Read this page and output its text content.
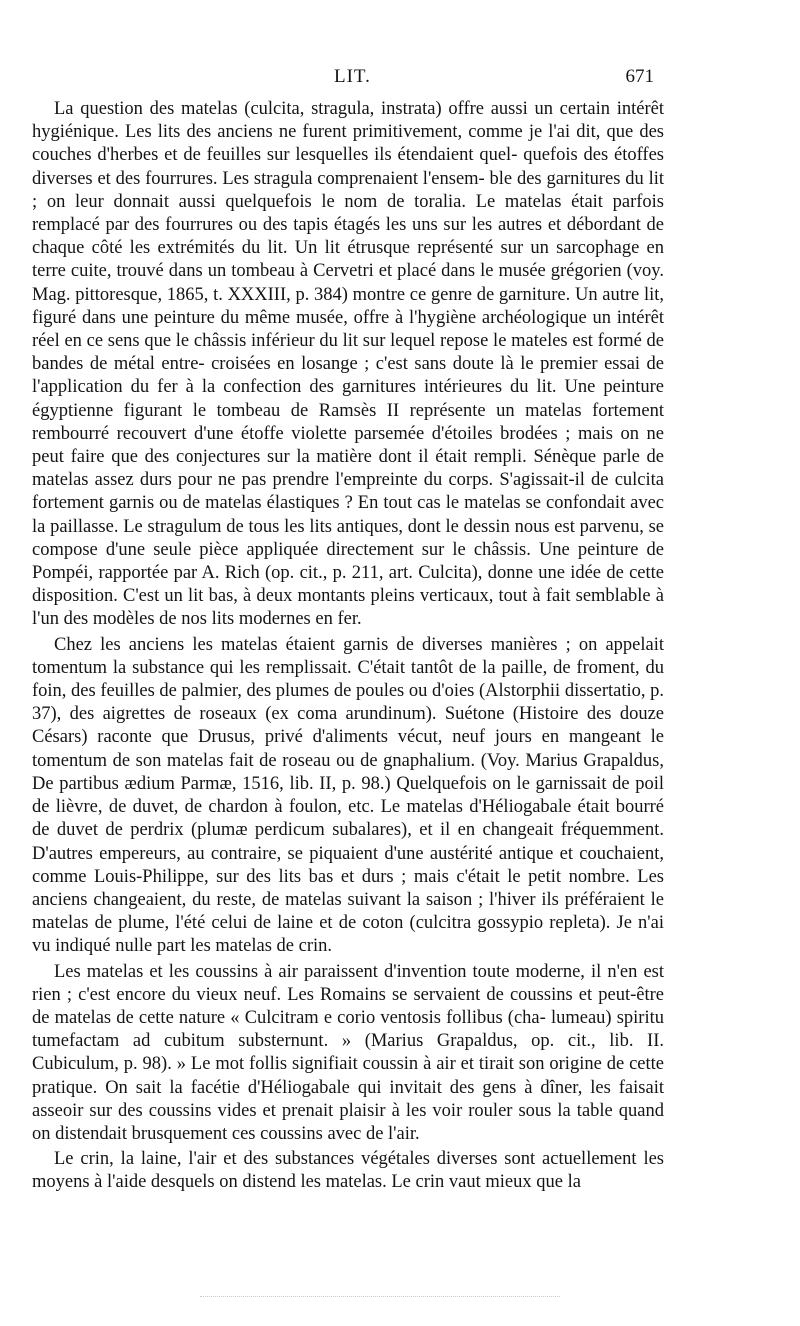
LIT.	671

La question des matelas (culcita, stragula, instrata) offre aussi un certain intérêt hygiénique. Les lits des anciens ne furent primitivement, comme je l'ai dit, que des couches d'herbes et de feuilles sur lesquelles ils étendaient quel- quefois des étoffes diverses et des fourrures. Les stragula comprenaient l'ensem- ble des garnitures du lit ; on leur donnait aussi quelquefois le nom de toralia. Le matelas était parfois remplacé par des fourrures ou des tapis étagés les uns sur les autres et débordant de chaque côté les extrémités du lit. Un lit étrusque représenté sur un sarcophage en terre cuite, trouvé dans un tombeau à Cervetri et placé dans le musée grégorien (voy. Mag. pittoresque, 1865, t. XXXIII, p. 384) montre ce genre de garniture. Un autre lit, figuré dans une peinture du même musée, offre à l'hygiène archéologique un intérêt réel en ce sens que le châssis inférieur du lit sur lequel repose le mateles est formé de bandes de métal entre- croisées en losange ; c'est sans doute là le premier essai de l'application du fer à la confection des garnitures intérieures du lit. Une peinture égyptienne figurant le tombeau de Ramsès II représente un matelas fortement rembourré recouvert d'une étoffe violette parsemée d'étoiles brodées ; mais on ne peut faire que des conjectures sur la matière dont il était rempli. Sénèque parle de matelas assez durs pour ne pas prendre l'empreinte du corps. S'agissait-il de culcita fortement garnis ou de matelas élastiques ? En tout cas le matelas se confondait avec la paillasse. Le stragulum de tous les lits antiques, dont le dessin nous est parvenu, se compose d'une seule pièce appliquée directement sur le châssis. Une peinture de Pompéi, rapportée par A. Rich (op. cit., p. 211, art. Culcita), donne une idée de cette disposition. C'est un lit bas, à deux montants pleins verticaux, tout à fait semblable à l'un des modèles de nos lits modernes en fer.

Chez les anciens les matelas étaient garnis de diverses manières ; on appelait tomentum la substance qui les remplissait. C'était tantôt de la paille, de froment, du foin, des feuilles de palmier, des plumes de poules ou d'oies (Alstorphii dissertatio, p. 37), des aigrettes de roseaux (ex coma arundinum). Suétone (Histoire des douze Césars) raconte que Drusus, privé d'aliments vécut, neuf jours en mangeant le tomentum de son matelas fait de roseau ou de gnaphalium. (Voy. Marius Grapaldus, De partibus ædium Parmæ, 1516, lib. II, p. 98.) Quelquefois on le garnissait de poil de lièvre, de duvet, de chardon à foulon, etc. Le matelas d'Héliogabale était bourré de duvet de perdrix (plumæ perdicum subalares), et il en changeait fréquemment. D'autres empereurs, au contraire, se piquaient d'une austérité antique et couchaient, comme Louis-Philippe, sur des lits bas et durs ; mais c'était le petit nombre. Les anciens changeaient, du reste, de matelas suivant la saison ; l'hiver ils préféraient le matelas de plume, l'été celui de laine et de coton (culcitra gossypio repleta). Je n'ai vu indiqué nulle part les matelas de crin.

Les matelas et les coussins à air paraissent d'invention toute moderne, il n'en est rien ; c'est encore du vieux neuf. Les Romains se servaient de coussins et peut-être de matelas de cette nature « Culcitram e corio ventosis follibus (cha- lumeau) spiritu tumefactam ad cubitum substernunt. » (Marius Grapaldus, op. cit., lib. II. Cubiculum, p. 98). » Le mot follis signifiait coussin à air et tirait son origine de cette pratique. On sait la facétie d'Héliogabale qui invitait des gens à dîner, les faisait asseoir sur des coussins vides et prenait plaisir à les voir rouler sous la table quand on distendait brusquement ces coussins avec de l'air.

Le crin, la laine, l'air et des substances végétales diverses sont actuellement les moyens à l'aide desquels on distend les matelas. Le crin vaut mieux que la
